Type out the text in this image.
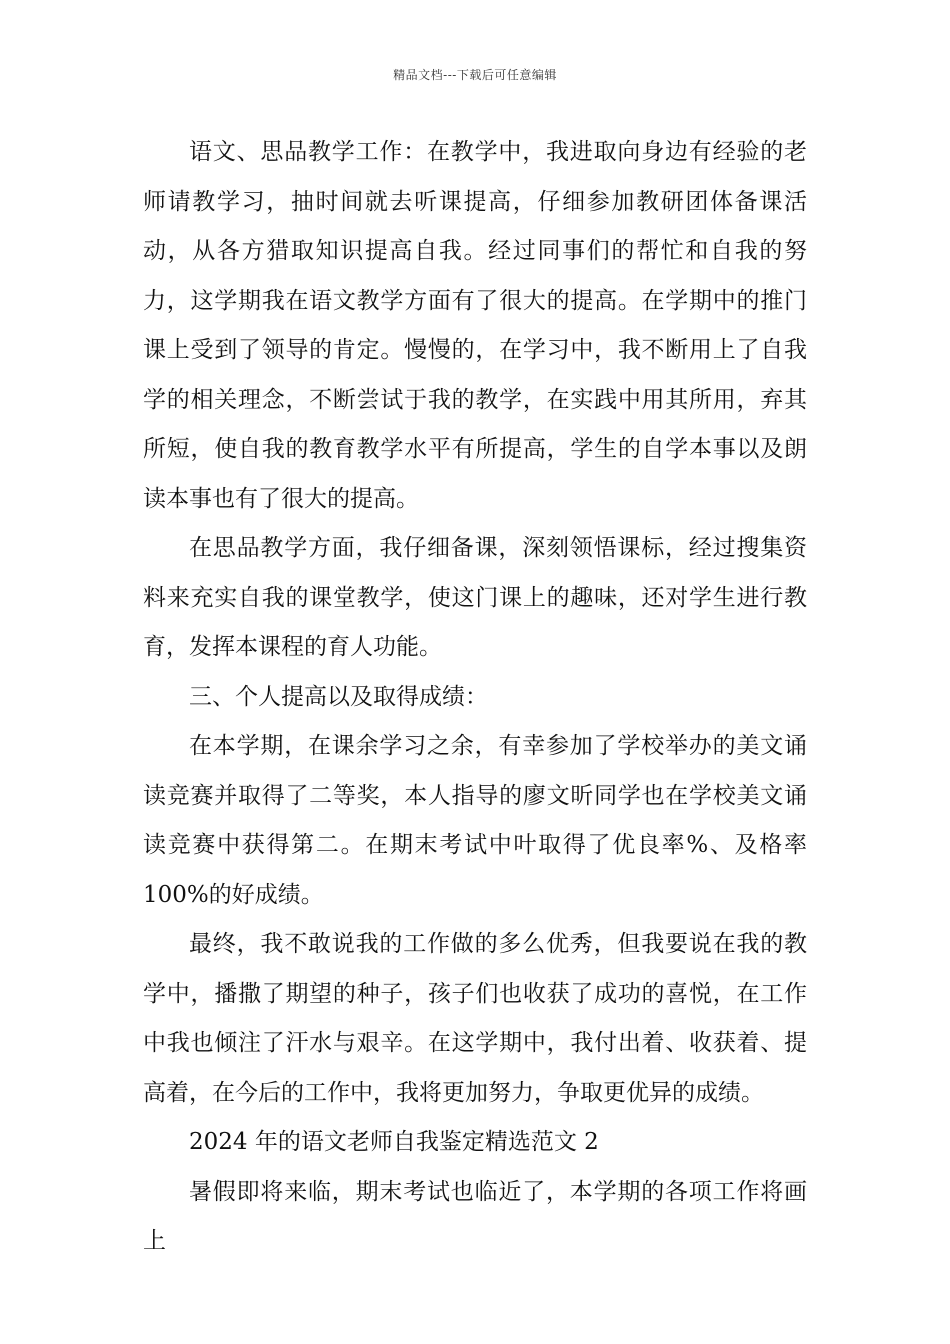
精品文档---下载后可任意编辑

语文、思品教学工作：在教学中，我进取向身边有经验的老师请教学习，抽时间就去听课提高，仔细参加教研团体备课活动，从各方猎取知识提高自我。经过同事们的帮忙和自我的努力，这学期我在语文教学方面有了很大的提高。在学期中的推门课上受到了领导的肯定。慢慢的，在学习中，我不断用上了自我学的相关理念，不断尝试于我的教学，在实践中用其所用，弃其所短，使自我的教育教学水平有所提高，学生的自学本事以及朗读本事也有了很大的提高。

在思品教学方面，我仔细备课，深刻领悟课标，经过搜集资料来充实自我的课堂教学，使这门课上的趣味，还对学生进行教育，发挥本课程的育人功能。

三、个人提高以及取得成绩：

在本学期，在课余学习之余，有幸参加了学校举办的美文诵读竞赛并取得了二等奖，本人指导的廖文昕同学也在学校美文诵读竞赛中获得第二。在期末考试中叶取得了优良率%、及格率 100%的好成绩。

最终，我不敢说我的工作做的多么优秀，但我要说在我的教学中，播撒了期望的种子，孩子们也收获了成功的喜悦，在工作中我也倾注了汗水与艰辛。在这学期中，我付出着、收获着、提高着，在今后的工作中，我将更加努力，争取更优异的成绩。

2024 年的语文老师自我鉴定精选范文 2

暑假即将来临，期末考试也临近了，本学期的各项工作将画上
